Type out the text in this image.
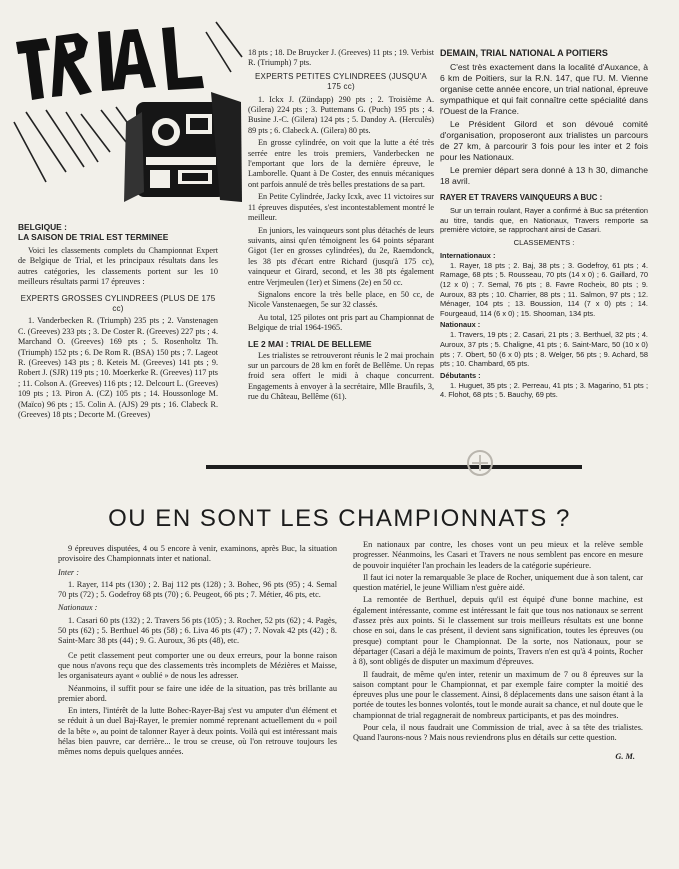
BELGIQUE :

LA SAISON DE TRIAL EST TERMINEE

Voici les classements complets du Championnat Expert de Belgique de Trial, et les principaux résultats dans les autres catégories, les classements portent sur les 10 meilleurs résultats parmi 17 épreuves :

EXPERTS GROSSES CYLINDREES (PLUS DE 175 cc)

1. Vanderbecken R. (Triumph) 235 pts ; 2. Vanstenagen C. (Greeves) 233 pts ; 3. De Coster R. (Greeves) 227 pts ; 4. Marchand O. (Greeves) 169 pts ; 5. Rosenholtz Th. (Triumph) 152 pts ; 6. De Rom R. (BSA) 150 pts ; 7. Lageot R. (Greeves) 143 pts ; 8. Keteis M. (Greeves) 141 pts ; 9. Robert J. (SJR) 119 pts ; 10. Moerkerke R. (Greeves) 117 pts ; 11. Colson A. (Greeves) 116 pts ; 12. Delcourt L. (Greeves) 109 pts ; 13. Piron A. (CZ) 105 pts ; 14. Houssonloge M. (Maïco) 96 pts ; 15. Colin A. (AJS) 29 pts ; 16. Clabeck R. (Greeves) 18 pts ; Decorte M. (Greeves)

18 pts ; 18. De Bruycker J. (Greeves) 11 pts ; 19. Verbist R. (Triumph) 7 pts.

EXPERTS PETITES CYLINDREES (JUSQU'A 175 cc)

1. Ickx J. (Zündapp) 290 pts ; 2. Troisième A. (Gilera) 224 pts ; 3. Puttemans G. (Puch) 195 pts ; 4. Busine J.-C. (Gilera) 124 pts ; 5. Dandoy A. (Herculès) 89 pts ; 6. Clabeck A. (Gilera) 80 pts.

En grosse cylindrée, on voit que la lutte a été très serrée entre les trois premiers, Vanderbecken ne l'emportant que lors de la dernière épreuve, le Lamborelle. Quant à De Coster, des ennuis mécaniques ont parfois annulé de très belles prestations de sa part.

En Petite Cylindrée, Jacky Icxk, avec 11 victoires sur 11 épreuves disputées, s'est incontestablement montré le meilleur.

En juniors, les vainqueurs sont plus détachés de leurs suivants, ainsi qu'en témoignent les 64 points séparant Gigot (1er en grosses cylindrées), du 2e, Raemdonck, les 38 pts d'écart entre Richard (jusqu'à 175 cc), vainqueur et Girard, second, et les 38 pts également entre Verjmeulen (1er) et Simens (2e) en 50 cc.

Signalons encore la très belle place, en 50 cc, de Nicole Vanstenaegen, 5e sur 32 classés.

Au total, 125 pilotes ont pris part au Championnat de Belgique de trial 1964-1965.

LE 2 MAI : TRIAL DE BELLEME

Les trialistes se retrouveront réunis le 2 mai prochain sur un parcours de 28 km en forêt de Bellême. Un repas froid sera offert le midi à chaque concurrent. Engagements à envoyer à la secrétaire, Mlle Braufils, 3, rue du Château, Bellême (61).

DEMAIN, TRIAL NATIONAL A POITIERS

C'est très exactement dans la localité d'Auxance, à 6 km de Poitiers, sur la R.N. 147, que l'U. M. Vienne organise cette année encore, un trial national, épreuve sympathique et qui fait connaître cette spécialité dans l'Ouest de la France.

Le Président Gilord et son dévoué comité d'organisation, proposeront aux trialistes un parcours de 27 km, à parcourir 3 fois pour les inter et 2 fois pour les Nationaux.

Le premier départ sera donné à 13 h 30, dimanche 18 avril.

RAYER ET TRAVERS VAINQUEURS A BUC :

Sur un terrain roulant, Rayer a confirmé à Buc sa prétention au titre, tandis que, en Nationaux, Travers remporte sa première victoire, se rapprochant ainsi de Casari.

CLASSEMENTS :

Internationaux :

1. Rayer, 18 pts ; 2. Baj, 38 pts ; 3. Godefroy, 61 pts ; 4. Ramage, 68 pts ; 5. Rousseau, 70 pts (14 x 0) ; 6. Gaillard, 70 (12 x 0) ; 7. Semal, 76 pts ; 8. Favre Rocheix, 80 pts ; 9. Auroux, 83 pts ; 10. Charrier, 88 pts ; 11. Salmon, 97 pts ; 12. Ménager, 104 pts ; 13. Boussion, 114 (7 x 0) pts ; 14. Fourgeaud, 114 (6 x 0) ; 15. Shooman, 134 pts.

Nationaux :

1. Travers, 19 pts ; 2. Casari, 21 pts ; 3. Berthuel, 32 pts ; 4. Auroux, 37 pts ; 5. Chaligne, 41 pts ; 6. Saint-Marc, 50 (10 x 0) pts ; 7. Obert, 50 (6 x 0) pts ; 8. Welger, 56 pts ; 9. Achard, 58 pts ; 10. Chambard, 65 pts.

Débutants :

1. Huguet, 35 pts ; 2. Perreau, 41 pts ; 3. Magarino, 51 pts ; 4. Flohot, 68 pts ; 5. Bauchy, 69 pts.

OU EN SONT LES CHAMPIONNATS ?

9 épreuves disputées, 4 ou 5 encore à venir, examinons, après Buc, la situation provisoire des Championnats inter et national.

Inter :

1. Rayer, 114 pts (130) ; 2. Baj 112 pts (128) ; 3. Bohec, 96 pts (95) ; 4. Semal 70 pts (72) ; 5. Godefroy 68 pts (70) ; 6. Peugeot, 66 pts ; 7. Métier, 46 pts, etc.

Nationaux :

1. Casari 60 pts (132) ; 2. Travers 56 pts (105) ; 3. Rocher, 52 pts (62) ; 4. Pagès, 50 pts (62) ; 5. Berthuel 46 pts (58) ; 6. Liva 46 pts (47) ; 7. Novak 42 pts (42) ; 8. Saint-Marc 38 pts (44) ; 9. G. Auroux, 36 pts (48), etc.

Ce petit classement peut comporter une ou deux erreurs, pour la bonne raison que nous n'avons reçu que des classements très incomplets de Mézières et Maisse, les organisateurs ayant « oublié » de nous les adresser.

Néanmoins, il suffit pour se faire une idée de la situation, pas très brillante au premier abord.

En inters, l'intérêt de la lutte Bohec-Rayer-Baj s'est vu amputer d'un élément et se réduit à un duel Baj-Rayer, le premier nommé reprenant actuellement du « poil de la bête », au point de talonner Rayer à deux points. Voilà qui est intéressant mais hélas bien pauvre, car derrière... le trou se creuse, où l'on retrouve toujours les mêmes noms depuis quelques années.

En nationaux par contre, les choses vont un peu mieux et la relève semble progresser. Néanmoins, les Casari et Travers ne nous semblent pas encore en mesure de pouvoir inquiéter l'an prochain les leaders de la catégorie supérieure.

Il faut ici noter la remarquable 3e place de Rocher, uniquement due à son talent, car question matériel, le jeune William n'est guère aidé.

La remontée de Berthuel, depuis qu'il est équipé d'une bonne machine, est également intéressante, comme est intéressant le fait que tous nos nationaux se serrent d'assez près aux points. Si le classement sur trois meilleurs résultats est une bonne chose en soi, dans le cas présent, il devient sans signification, toutes les épreuves (ou presque) comptant pour le Championnat. De la sorte, nos Nationaux, pour se départager (Casari a déjà le maximum de points, Travers n'en est qu'à 4 points, Rocher à 8), sont obligés de disputer un maximum d'épreuves.

Il faudrait, de même qu'en inter, retenir un maximum de 7 ou 8 épreuves sur la saison comptant pour le Championnat, et par exemple faire compter la moitié des épreuves plus une pour le classement. Ainsi, 8 déplacements dans une saison étant à la portée de toutes les bonnes volontés, tout le monde aurait sa chance, et nul doute que le championnat de trial regagnerait de nombreux participants, et pas des moindres.

Pour cela, il nous faudrait une Commission de trial, avec à sa tête des trialistes. Quand l'aurons-nous ? Mais nous reviendrons plus en détails sur cette question.

G. M.
